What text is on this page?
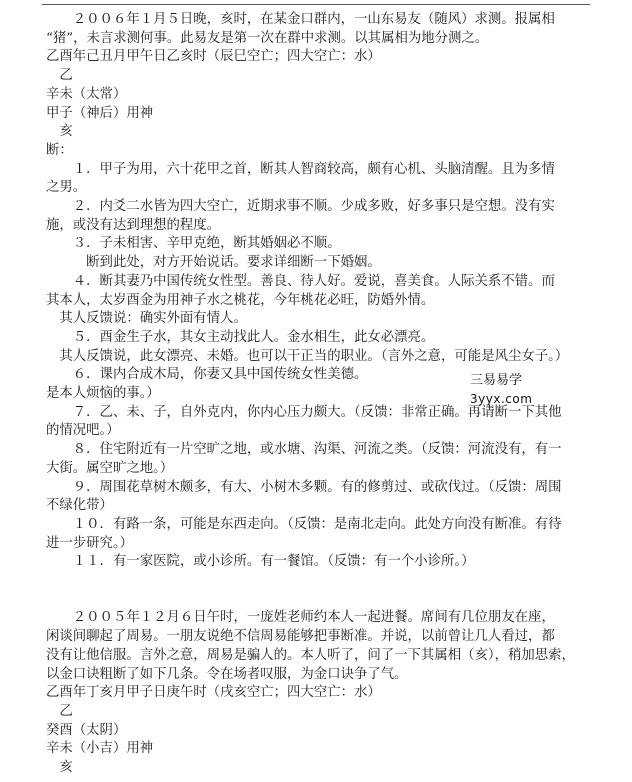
　　２００６年１月５日晚，亥时，在某金口群内，一山东易友（随风）求测。报属相
“猪”，未言求测何事。此易友是第一次在群中求测。以其属相为地分测之。
乙酉年己丑月甲午日乙亥时（辰巳空亡；四大空亡：水）
　乙
辛未（太常）
甲子（神后）用神
　亥
断：
　　１．甲子为用，六十花甲之首，断其人智商较高，颇有心机、头脑清醒。且为多情
之男。
　　２．内爻二水皆为四大空亡，近期求事不顺。少成多败，好多事只是空想。没有实
施，或没有达到理想的程度。
　　３．子未相害、辛甲克绝，断其婚姻必不顺。
　　　断到此处，对方开始说话。要求详细断一下婚姻。
　　４．断其妻乃中国传统女性型。善良、待人好。爱说，喜美食。人际关系不错。而
其本人，太岁酉金为用神子水之桃花，今年桃花必旺，防婚外情。
　其人反馈说：确实外面有情人。
　　５．酉金生子水，其女主动找此人。金水相生，此女必漂亮。
　其人反馈说，此女漂亮、未婚。也可以干正当的职业。（言外之意，可能是风尘女子。）
　　６．课内合成木局，你妻又具中国传统女性美德。
是本人烦恼的事。）
　　７．乙、未、子，自外克内，你内心压力颇大。（反馈：非常正确。再请断一下其他
的情况吧。）
　　８．住宅附近有一片空旷之地，或水塘、沟渠、河流之类。（反馈：河流没有，有一
大街。属空旷之地。）
　　９．周围花草树木颇多，有大、小树木多颗。有的修剪过、或砍伐过。（反馈：周围
不绿化带）
　　１０．有路一条，可能是东西走向。（反馈：是南北走向。此处方向没有断准。有待
进一步研究。）
　　１１．有一家医院，或小诊所。有一餐馆。（反馈：有一个小诊所。）
　　２００５年１２月６日午时，一庞姓老师约本人一起进餐。席间有几位朋友在座，
闲谈间聊起了周易。一朋友说绝不信周易能够把事断准。并说，以前曾让几人看过，都
没有让他信服。言外之意，周易是骗人的。本人听了，问了一下其属相（亥），稍加思索，
以金口诀粗断了如下几条。令在场者叹服，为金口诀争了气。
乙酉年丁亥月甲子日庚午时（戌亥空亡；四大空亡：水）
　乙
癸酉（太阴）
辛未（小吉）用神
　亥
三易易学
3yyx.com
